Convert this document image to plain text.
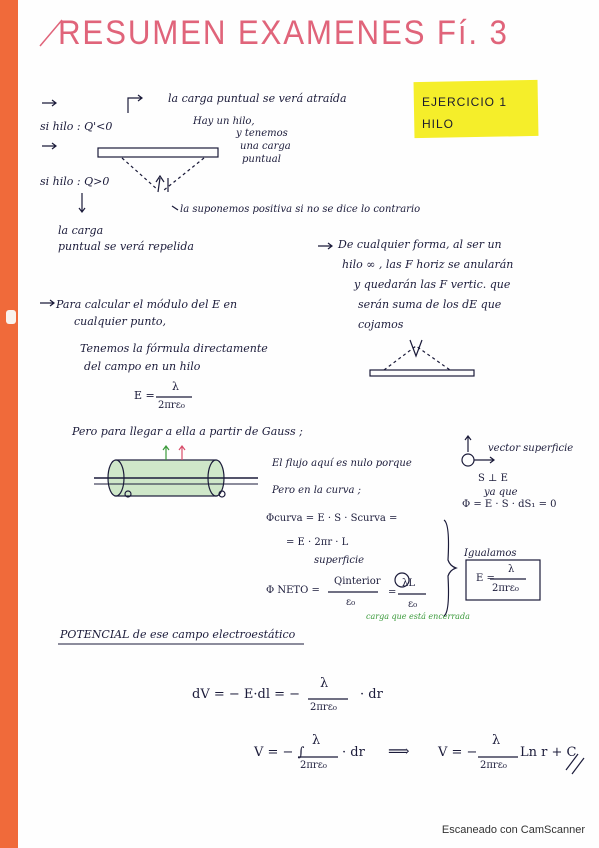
RESUMEN EXAMENES Fí. 3
EJERCICIO 1
HILO
la carga puntual se verá atraída
si hilo : Q'<0	Hay un hilo,
y tenemos
una carga
puntual
si hilo : Q>0
la suponemos positiva si no se dice lo contrario
la carga
puntual se verá repelida	De cualquier forma, al ser un
hilo ∞ , las F horiz se anularán
y quedarán las F vertic. que
serán suma de los dE que
cojamos
Para calcular el módulo del E en
cualquier punto,
Tenemos la fórmula directamente
del campo en un hilo
E =
λ
2πrε₀
Pero para llegar a ella a partir de Gauss ;
El flujo aquí es nulo porque
Pero en la curva ;
vector superficie
S ⊥ E
ya que
Φ = E · S · dS₁ = 0
Φcurva = E · S · Scurva =
= E · 2πr · L
superficie
Φ NETO =
Qinterior
ε₀
=
λL
ε₀
carga que está encerrada
Igualamos
E =
λ
2πrε₀
POTENCIAL de ese campo electroestático
dV = − E·dl = −
λ
2πrε₀
· dr
V = − ∫
λ
2πrε₀
· dr ⟹ V = −
λ
2πrε₀
Ln r + C
Escaneado con CamScanner
